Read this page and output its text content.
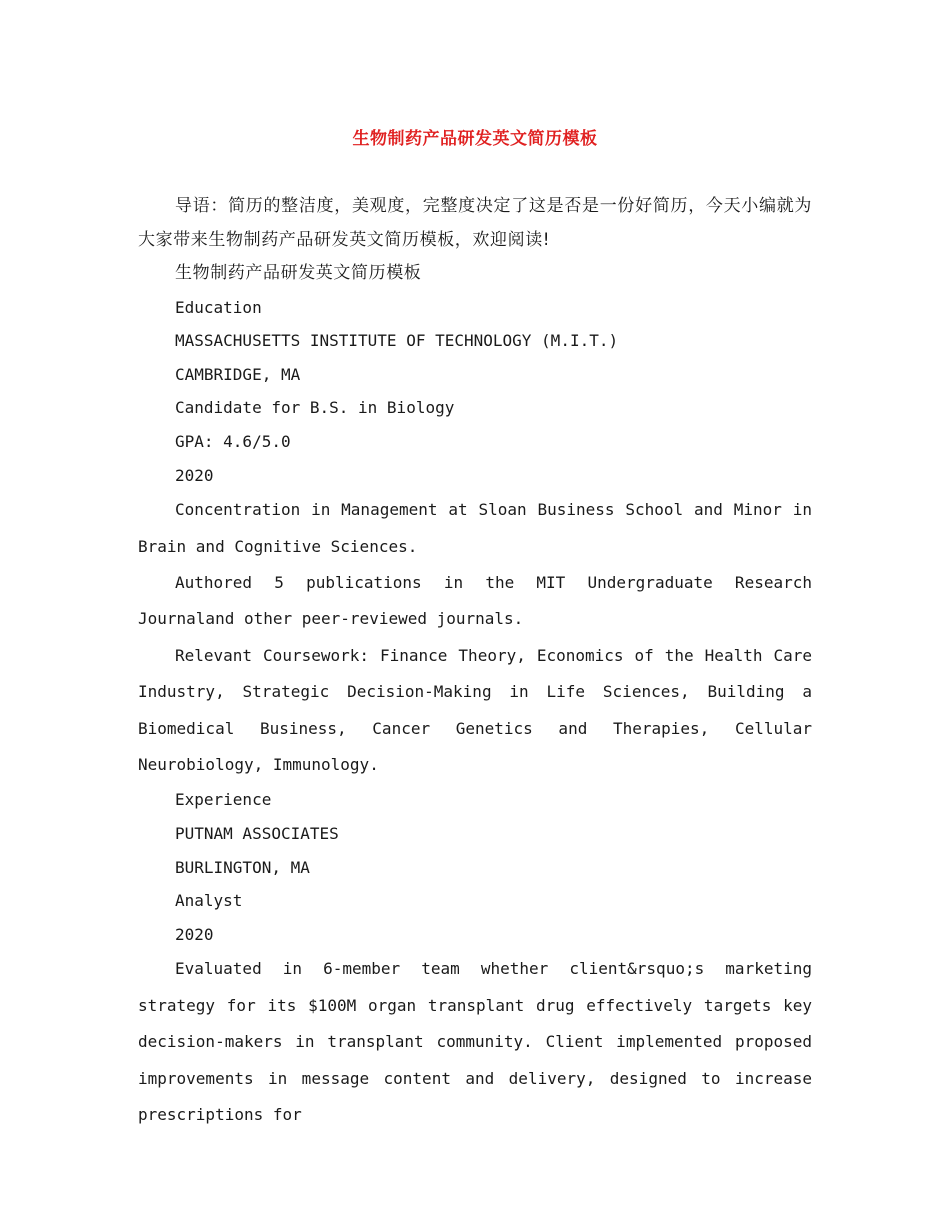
生物制药产品研发英文简历模板

导语：简历的整洁度，美观度，完整度决定了这是否是一份好简历，今天小编就为大家带来生物制药产品研发英文简历模板，欢迎阅读!

生物制药产品研发英文简历模板
Education
MASSACHUSETTS INSTITUTE OF TECHNOLOGY (M.I.T.)
CAMBRIDGE, MA
Candidate for B.S. in Biology
GPA: 4.6/5.0
2020

Concentration in Management at Sloan Business School and Minor in Brain and Cognitive Sciences.

Authored 5 publications in the MIT Undergraduate Research Journaland other peer-reviewed journals.

Relevant Coursework: Finance Theory, Economics of the Health Care Industry, Strategic Decision-Making in Life Sciences, Building a Biomedical Business, Cancer Genetics and Therapies, Cellular Neurobiology, Immunology.

Experience
PUTNAM ASSOCIATES
BURLINGTON, MA
Analyst
2020

Evaluated in 6-member team whether client&rsquo;s marketing strategy for its $100M organ transplant drug effectively targets key decision-makers in transplant community. Client implemented proposed improvements in message content and delivery, designed to increase prescriptions for
